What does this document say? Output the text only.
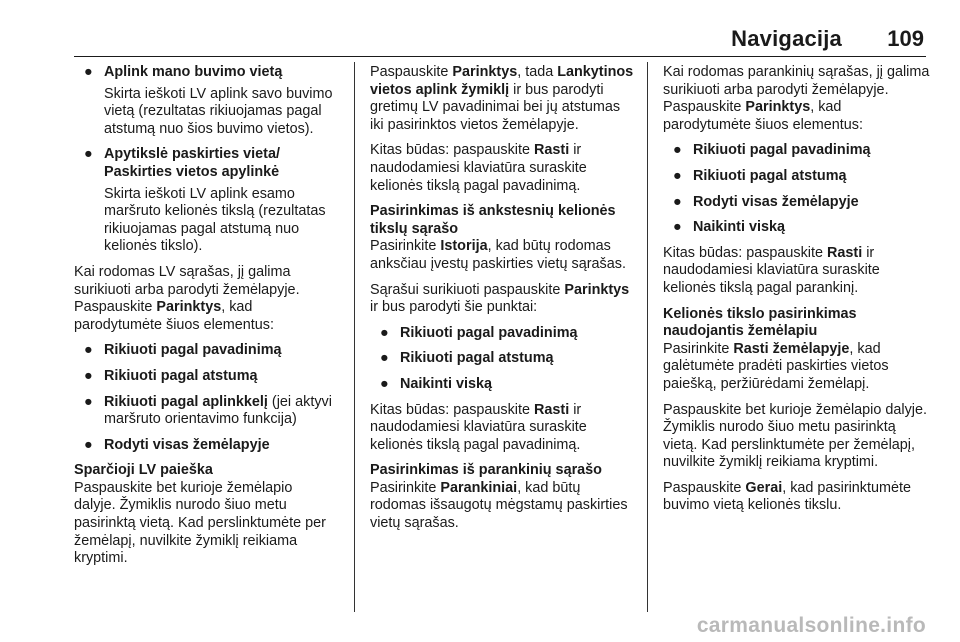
Navigacija 109
● Aplink mano buvimo vietą
Skirta ieškoti LV aplink savo buvimo vietą (rezultatas rikiuojamas pagal atstumą nuo šios buvimo vietos).
● Apytikslė paskirties vieta/ Paskirties vietos apylinkė
Skirta ieškoti LV aplink esamo maršruto kelionės tikslą (rezultatas rikiuojamas pagal atstumą nuo kelionės tikslo).

Kai rodomas LV sąrašas, jį galima surikiuoti arba parodyti žemėlapyje. Paspauskite Parinktys, kad parodytumėte šiuos elementus:

● Rikiuoti pagal pavadinimą
● Rikiuoti pagal atstumą
● Rikiuoti pagal aplinkkelį (jei aktyvi maršruto orientavimo funkcija)
● Rodyti visas žemėlapyje

Sparčioji LV paieška
Paspauskite bet kurioje žemėlapio dalyje. Žymiklis nurodo šiuo metu pasirinktą vietą. Kad perslinktumėte per žemėlapį, nuvilkite žymiklį reikiama kryptimi.

Paspauskite Parinktys, tada Lankytinos vietos aplink žymiklį ir bus parodyti gretimų LV pavadinimai bei jų atstumas iki pasirinktos vietos žemėlapyje.

Kitas būdas: paspauskite Rasti ir naudodamiesi klaviatūra suraskite kelionės tikslą pagal pavadinimą.

Pasirinkimas iš ankstesnių kelionės tikslų sąrašo
Pasirinkite Istorija, kad būtų rodomas anksčiau įvestų paskirties vietų sąrašas.

Sąrašui surikiuoti paspauskite Parinktys ir bus parodyti šie punktai:

● Rikiuoti pagal pavadinimą
● Rikiuoti pagal atstumą
● Naikinti viską

Kitas būdas: paspauskite Rasti ir naudodamiesi klaviatūra suraskite kelionės tikslą pagal pavadinimą.

Pasirinkimas iš parankinių sąrašo
Pasirinkite Parankiniai, kad būtų rodomas išsaugotų mėgstamų paskirties vietų sąrašas.

Kai rodomas parankinių sąrašas, jį galima surikiuoti arba parodyti žemėlapyje. Paspauskite Parinktys, kad parodytumėte šiuos elementus:

● Rikiuoti pagal pavadinimą
● Rikiuoti pagal atstumą
● Rodyti visas žemėlapyje
● Naikinti viską

Kitas būdas: paspauskite Rasti ir naudodamiesi klaviatūra suraskite kelionės tikslą pagal parankinį.

Kelionės tikslo pasirinkimas naudojantis žemėlapiu
Pasirinkite Rasti žemėlapyje, kad galėtumėte pradėti paskirties vietos paiešką, peržiūrėdami žemėlapį.

Paspauskite bet kurioje žemėlapio dalyje. Žymiklis nurodo šiuo metu pasirinktą vietą. Kad perslinktumėte per žemėlapį, nuvilkite žymiklį reikiama kryptimi.

Paspauskite Gerai, kad pasirinktumėte buvimo vietą kelionės tikslu.

carmanualsonline.info
